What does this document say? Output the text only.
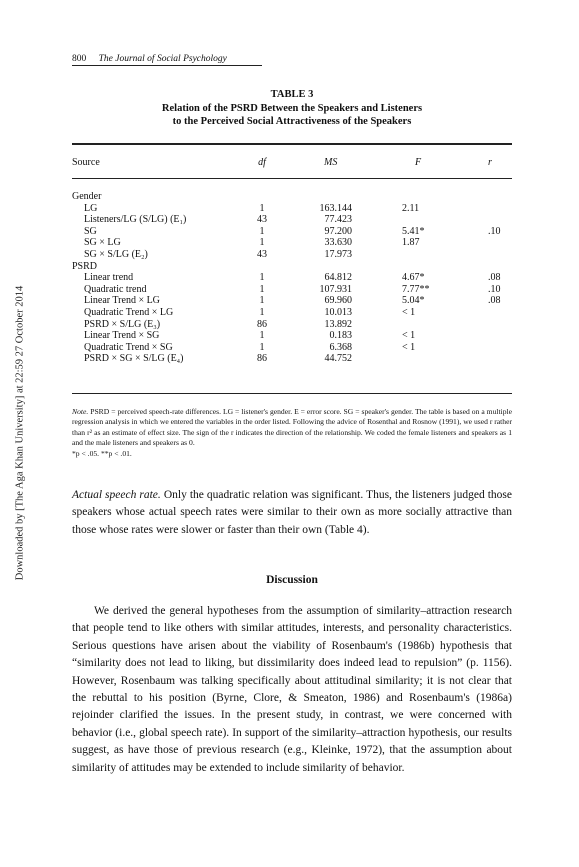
Downloaded by [The Aga Khan University] at 22:59 27 October 2014
800 The Journal of Social Psychology
TABLE 3
Relation of the PSRD Between the Speakers and Listeners
to the Perceived Social Attractiveness of the Speakers
Source	df	MS	F	r
Gender
LG	1	163.144	2.11
Listeners/LG (S/LG) (E₁)	43	77.423
SG	1	97.200	5.41*	.10
SG × LG	1	33.630	1.87
SG × S/LG (E₂)	43	17.973
PSRD
Linear trend	1	64.812	4.67*	.08
Quadratic trend	1	107.931	7.77**	.10
Linear Trend × LG	1	69.960	5.04*	.08
Quadratic Trend × LG	1	10.013	< 1
PSRD × S/LG (E₃)	86	13.892
Linear Trend × SG	1	0.183	< 1
Quadratic Trend × SG	1	6.368	< 1
PSRD × SG × S/LG (E₄)	86	44.752
Note. PSRD = perceived speech-rate differences. LG = listener's gender. E = error score. SG = speaker's gender. The table is based on a multiple regression analysis in which we entered the variables in the order listed. Following the advice of Rosenthal and Rosnow (1991), we used r rather than r² as an estimate of effect size. The sign of the r indicates the direction of the relationship. We coded the female listeners and speakers as 1 and the male listeners and speakers as 0.
*p < .05. **p < .01.

Actual speech rate. Only the quadratic relation was significant. Thus, the listeners judged those speakers whose actual speech rates were similar to their own as more socially attractive than those whose rates were slower or faster than their own (Table 4).

Discussion

We derived the general hypotheses from the assumption of similarity–attraction research that people tend to like others with similar attitudes, interests, and personality characteristics. Serious questions have arisen about the viability of Rosenbaum's (1986b) hypothesis that “similarity does not lead to liking, but dissimilarity does indeed lead to repulsion” (p. 1156). However, Rosenbaum was talking specifically about attitudinal similarity; it is not clear that the rebuttal to his position (Byrne, Clore, & Smeaton, 1986) and Rosenbaum's (1986a) rejoinder clarified the issues. In the present study, in contrast, we were concerned with behavior (i.e., global speech rate). In support of the similarity–attraction hypothesis, our results suggest, as have those of previous research (e.g., Kleinke, 1972), that the assumption about similarity of attitudes may be extended to include similarity of behavior.
